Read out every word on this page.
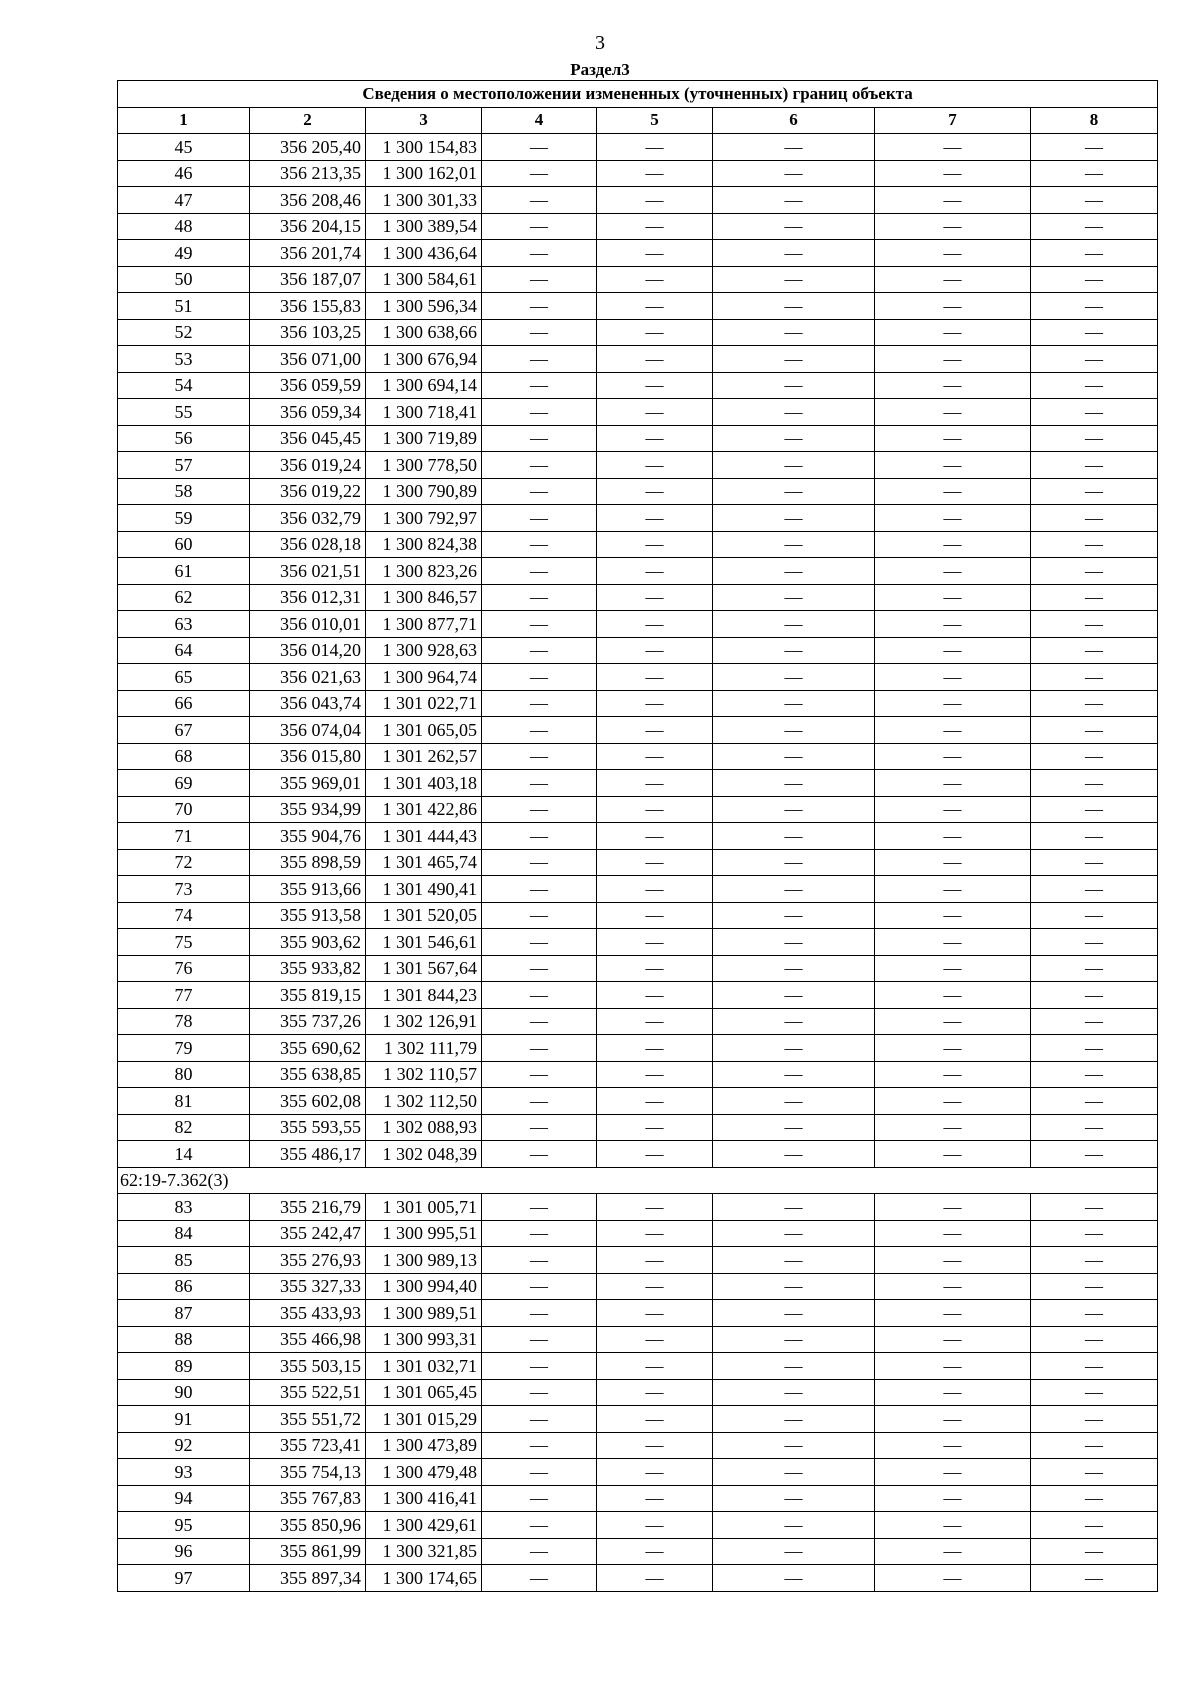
3
Раздел3
Сведения о местоположении измененных (уточненных) границ объекта							
1	2	3	4	5	6	7	8
45	356 205,40	1 300 154,83	—	—	—	—	—
46	356 213,35	1 300 162,01	—	—	—	—	—
47	356 208,46	1 300 301,33	—	—	—	—	—
48	356 204,15	1 300 389,54	—	—	—	—	—
49	356 201,74	1 300 436,64	—	—	—	—	—
50	356 187,07	1 300 584,61	—	—	—	—	—
51	356 155,83	1 300 596,34	—	—	—	—	—
52	356 103,25	1 300 638,66	—	—	—	—	—
53	356 071,00	1 300 676,94	—	—	—	—	—
54	356 059,59	1 300 694,14	—	—	—	—	—
55	356 059,34	1 300 718,41	—	—	—	—	—
56	356 045,45	1 300 719,89	—	—	—	—	—
57	356 019,24	1 300 778,50	—	—	—	—	—
58	356 019,22	1 300 790,89	—	—	—	—	—
59	356 032,79	1 300 792,97	—	—	—	—	—
60	356 028,18	1 300 824,38	—	—	—	—	—
61	356 021,51	1 300 823,26	—	—	—	—	—
62	356 012,31	1 300 846,57	—	—	—	—	—
63	356 010,01	1 300 877,71	—	—	—	—	—
64	356 014,20	1 300 928,63	—	—	—	—	—
65	356 021,63	1 300 964,74	—	—	—	—	—
66	356 043,74	1 301 022,71	—	—	—	—	—
67	356 074,04	1 301 065,05	—	—	—	—	—
68	356 015,80	1 301 262,57	—	—	—	—	—
69	355 969,01	1 301 403,18	—	—	—	—	—
70	355 934,99	1 301 422,86	—	—	—	—	—
71	355 904,76	1 301 444,43	—	—	—	—	—
72	355 898,59	1 301 465,74	—	—	—	—	—
73	355 913,66	1 301 490,41	—	—	—	—	—
74	355 913,58	1 301 520,05	—	—	—	—	—
75	355 903,62	1 301 546,61	—	—	—	—	—
76	355 933,82	1 301 567,64	—	—	—	—	—
77	355 819,15	1 301 844,23	—	—	—	—	—
78	355 737,26	1 302 126,91	—	—	—	—	—
79	355 690,62	1 302 111,79	—	—	—	—	—
80	355 638,85	1 302 110,57	—	—	—	—	—
81	355 602,08	1 302 112,50	—	—	—	—	—
82	355 593,55	1 302 088,93	—	—	—	—	—
14	355 486,17	1 302 048,39	—	—	—	—	—
62:19-7.362(3)							
83	355 216,79	1 301 005,71	—	—	—	—	—
84	355 242,47	1 300 995,51	—	—	—	—	—
85	355 276,93	1 300 989,13	—	—	—	—	—
86	355 327,33	1 300 994,40	—	—	—	—	—
87	355 433,93	1 300 989,51	—	—	—	—	—
88	355 466,98	1 300 993,31	—	—	—	—	—
89	355 503,15	1 301 032,71	—	—	—	—	—
90	355 522,51	1 301 065,45	—	—	—	—	—
91	355 551,72	1 301 015,29	—	—	—	—	—
92	355 723,41	1 300 473,89	—	—	—	—	—
93	355 754,13	1 300 479,48	—	—	—	—	—
94	355 767,83	1 300 416,41	—	—	—	—	—
95	355 850,96	1 300 429,61	—	—	—	—	—
96	355 861,99	1 300 321,85	—	—	—	—	—
97	355 897,34	1 300 174,65	—	—	—	—	—
